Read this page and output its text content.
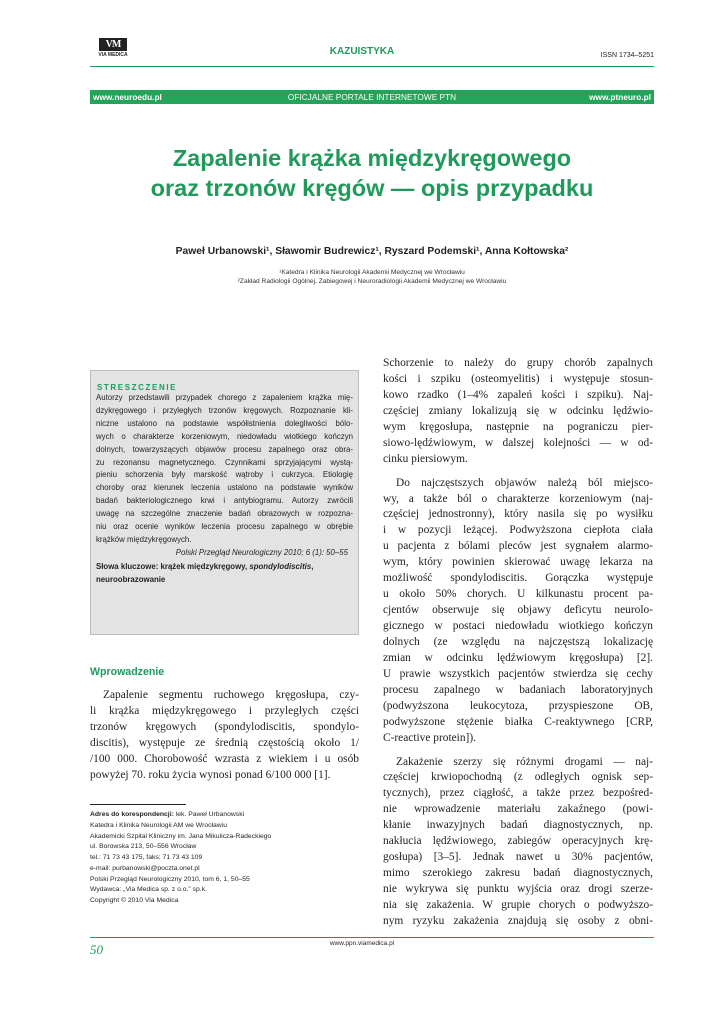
VM
VIA MEDICA	KAZUISTYKA	ISSN 1734–5251
OFICJALNE PORTALE INTERNETOWE PTN
www.neuroedu.pl	www.ptneuro.pl
Zapalenie krążka międzykręgowego
oraz trzonów kręgów — opis przypadku
Paweł Urbanowski¹, Sławomir Budrewicz¹, Ryszard Podemski¹, Anna Kołtowska²
¹Katedra i Klinika Neurologii Akademii Medycznej we Wrocławiu
²Zakład Radiologii Ogólnej, Zabiegowej i Neuroradiologii Akademii Medycznej we Wrocławiu
STRESZCZENIE
Autorzy przedstawili przypadek chorego z zapaleniem krążka mię-
dzykręgowego i przyległych trzonów kręgowych. Rozpoznanie kli-
niczne ustalono na podstawie współistnienia dolegliwości bólo-
wych o charakterze korzeniowym, niedowładu wiotkiego kończyn
dolnych, towarzyszących objawów procesu zapalnego oraz obra-
zu rezonansu magnetycznego. Czynnikami sprzyjającymi wystą-
pieniu schorzenia były marskość wątroby i cukrzyca. Etiologię
choroby oraz kierunek leczenia ustalono na podstawie wyników
badań bakteriologicznego krwi i antybiogramu. Autorzy zwrócili
uwagę na szczególne znaczenie badań obrazowych w rozpozna-
niu oraz ocenie wyników leczenia procesu zapalnego w obrębie
krążków międzykręgowych.
Polski Przegląd Neurologiczny 2010; 6 (1): 50–55
Słowa kluczowe: krążek międzykręgowy, spondylodiscitis,
neuroobrazowanie
Wprowadzenie
Zapalenie segmentu ruchowego kręgosłupa, czy-
li krążka międzykręgowego i przyległych części
trzonów kręgowych (spondylodiscitis, spondylo-
discitis), występuje ze średnią częstością około 1/
/100 000. Chorobowość wzrasta z wiekiem i u osób
powyżej 70. roku życia wynosi ponad 6/100 000 [1].
Schorzenie to należy do grupy chorób zapalnych
kości i szpiku (osteomyelitis) i występuje stosun-
kowo rzadko (1–4% zapaleń kości i szpiku). Naj-
częściej zmiany lokalizują się w odcinku lędźwio-
wym kręgosłupa, następnie na pograniczu pier-
siowo-lędźwiowym, w dalszej kolejności — w od-
cinku piersiowym.
Do najczęstszych objawów należą ból miejsco-
wy, a także ból o charakterze korzeniowym (naj-
częściej jednostronny), który nasila się po wysiłku
i w pozycji leżącej. Podwyższona ciepłota ciała
u pacjenta z bólami pleców jest sygnałem alarmo-
wym, który powinien skierować uwagę lekarza na
możliwość spondylodiscitis. Gorączka występuje
u około 50% chorych. U kilkunastu procent pa-
cjentów obserwuje się objawy deficytu neurolo-
gicznego w postaci niedowładu wiotkiego kończyn
dolnych (ze względu na najczęstszą lokalizację
zmian w odcinku lędźwiowym kręgosłupa) [2].
U prawie wszystkich pacjentów stwierdza się cechy
procesu zapalnego w badaniach laboratoryjnych
(podwyższona leukocytoza, przyspieszone OB,
podwyższone stężenie białka C-reaktywnego [CRP,
C-reactive protein]).
Zakażenie szerzy się różnymi drogami — naj-
częściej krwiopochodną (z odległych ognisk sep-
tycznych), przez ciągłość, a także przez bezpośred-
nie wprowadzenie materiału zakaźnego (powi-
kłanie inwazyjnych badań diagnostycznych, np.
nakłucia lędźwiowego, zabiegów operacyjnych krę-
gosłupa) [3–5]. Jednak nawet u 30% pacjentów,
mimo szerokiego zakresu badań diagnostycznych,
nie wykrywa się punktu wyjścia oraz drogi szerze-
nia się zakażenia. W grupie chorych o podwyższo-
nym ryzyku zakażenia znajdują się osoby z obni-
Adres do korespondencji: lek. Paweł Urbanowski
Katedra i Klinika Neurologii AM we Wrocławiu
Akademicki Szpital Kliniczny im. Jana Mikulicza-Radeckiego
ul. Borowska 213, 50–556 Wrocław
tel.: 71 73 43 175, faks: 71 73 43 109
e-mail: purbanowski@poczta.onet.pl
Polski Przegląd Neurologiczny 2010, tom 6, 1, 50–55
Wydawca: „Via Medica sp. z o.o.” sp.k.
Copyright © 2010 Via Medica
www.ppn.viamedica.pl
50
